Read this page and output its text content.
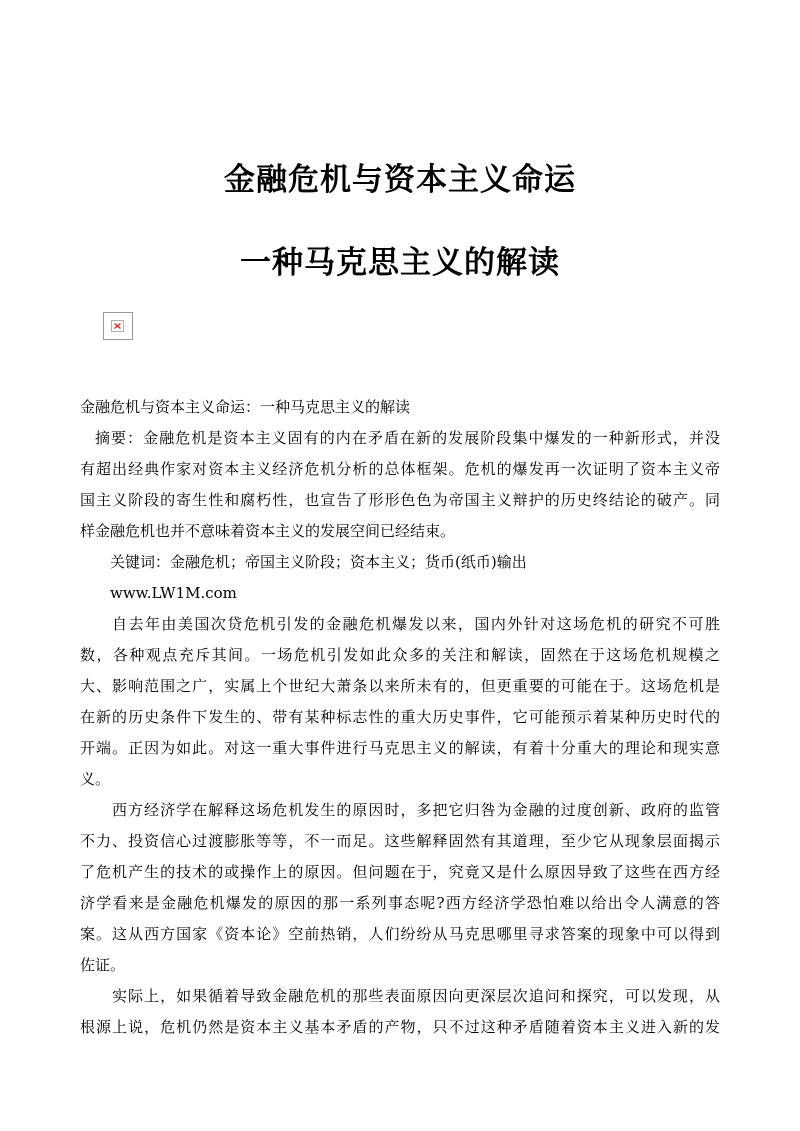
金融危机与资本主义命运
一种马克思主义的解读
金融危机与资本主义命运：一种马克思主义的解读
摘要：金融危机是资本主义固有的内在矛盾在新的发展阶段集中爆发的一种新形式，并没
有超出经典作家对资本主义经济危机分析的总体框架。危机的爆发再一次证明了资本主义帝
国主义阶段的寄生性和腐朽性，也宣告了形形色色为帝国主义辩护的历史终结论的破产。同
样金融危机也并不意味着资本主义的发展空间已经结束。
关键词：金融危机；帝国主义阶段；资本主义；货币(纸币)输出
www.LW1M.com
自去年由美国次贷危机引发的金融危机爆发以来，国内外针对这场危机的研究不可胜
数，各种观点充斥其间。一场危机引发如此众多的关注和解读，固然在于这场危机规模之
大、影响范围之广，实属上个世纪大萧条以来所未有的，但更重要的可能在于。这场危机是
在新的历史条件下发生的、带有某种标志性的重大历史事件，它可能预示着某种历史时代的
开端。正因为如此。对这一重大事件进行马克思主义的解读，有着十分重大的理论和现实意
义。
西方经济学在解释这场危机发生的原因时，多把它归咎为金融的过度创新、政府的监管
不力、投资信心过渡膨胀等等，不一而足。这些解释固然有其道理，至少它从现象层面揭示
了危机产生的技术的或操作上的原因。但问题在于，究竟又是什么原因导致了这些在西方经
济学看来是金融危机爆发的原因的那一系列事态呢?西方经济学恐怕难以给出令人满意的答
案。这从西方国家《资本论》空前热销，人们纷纷从马克思哪里寻求答案的现象中可以得到
佐证。
实际上，如果循着导致金融危机的那些表面原因向更深层次追问和探究，可以发现，从
根源上说，危机仍然是资本主义基本矛盾的产物，只不过这种矛盾随着资本主义进入新的发
